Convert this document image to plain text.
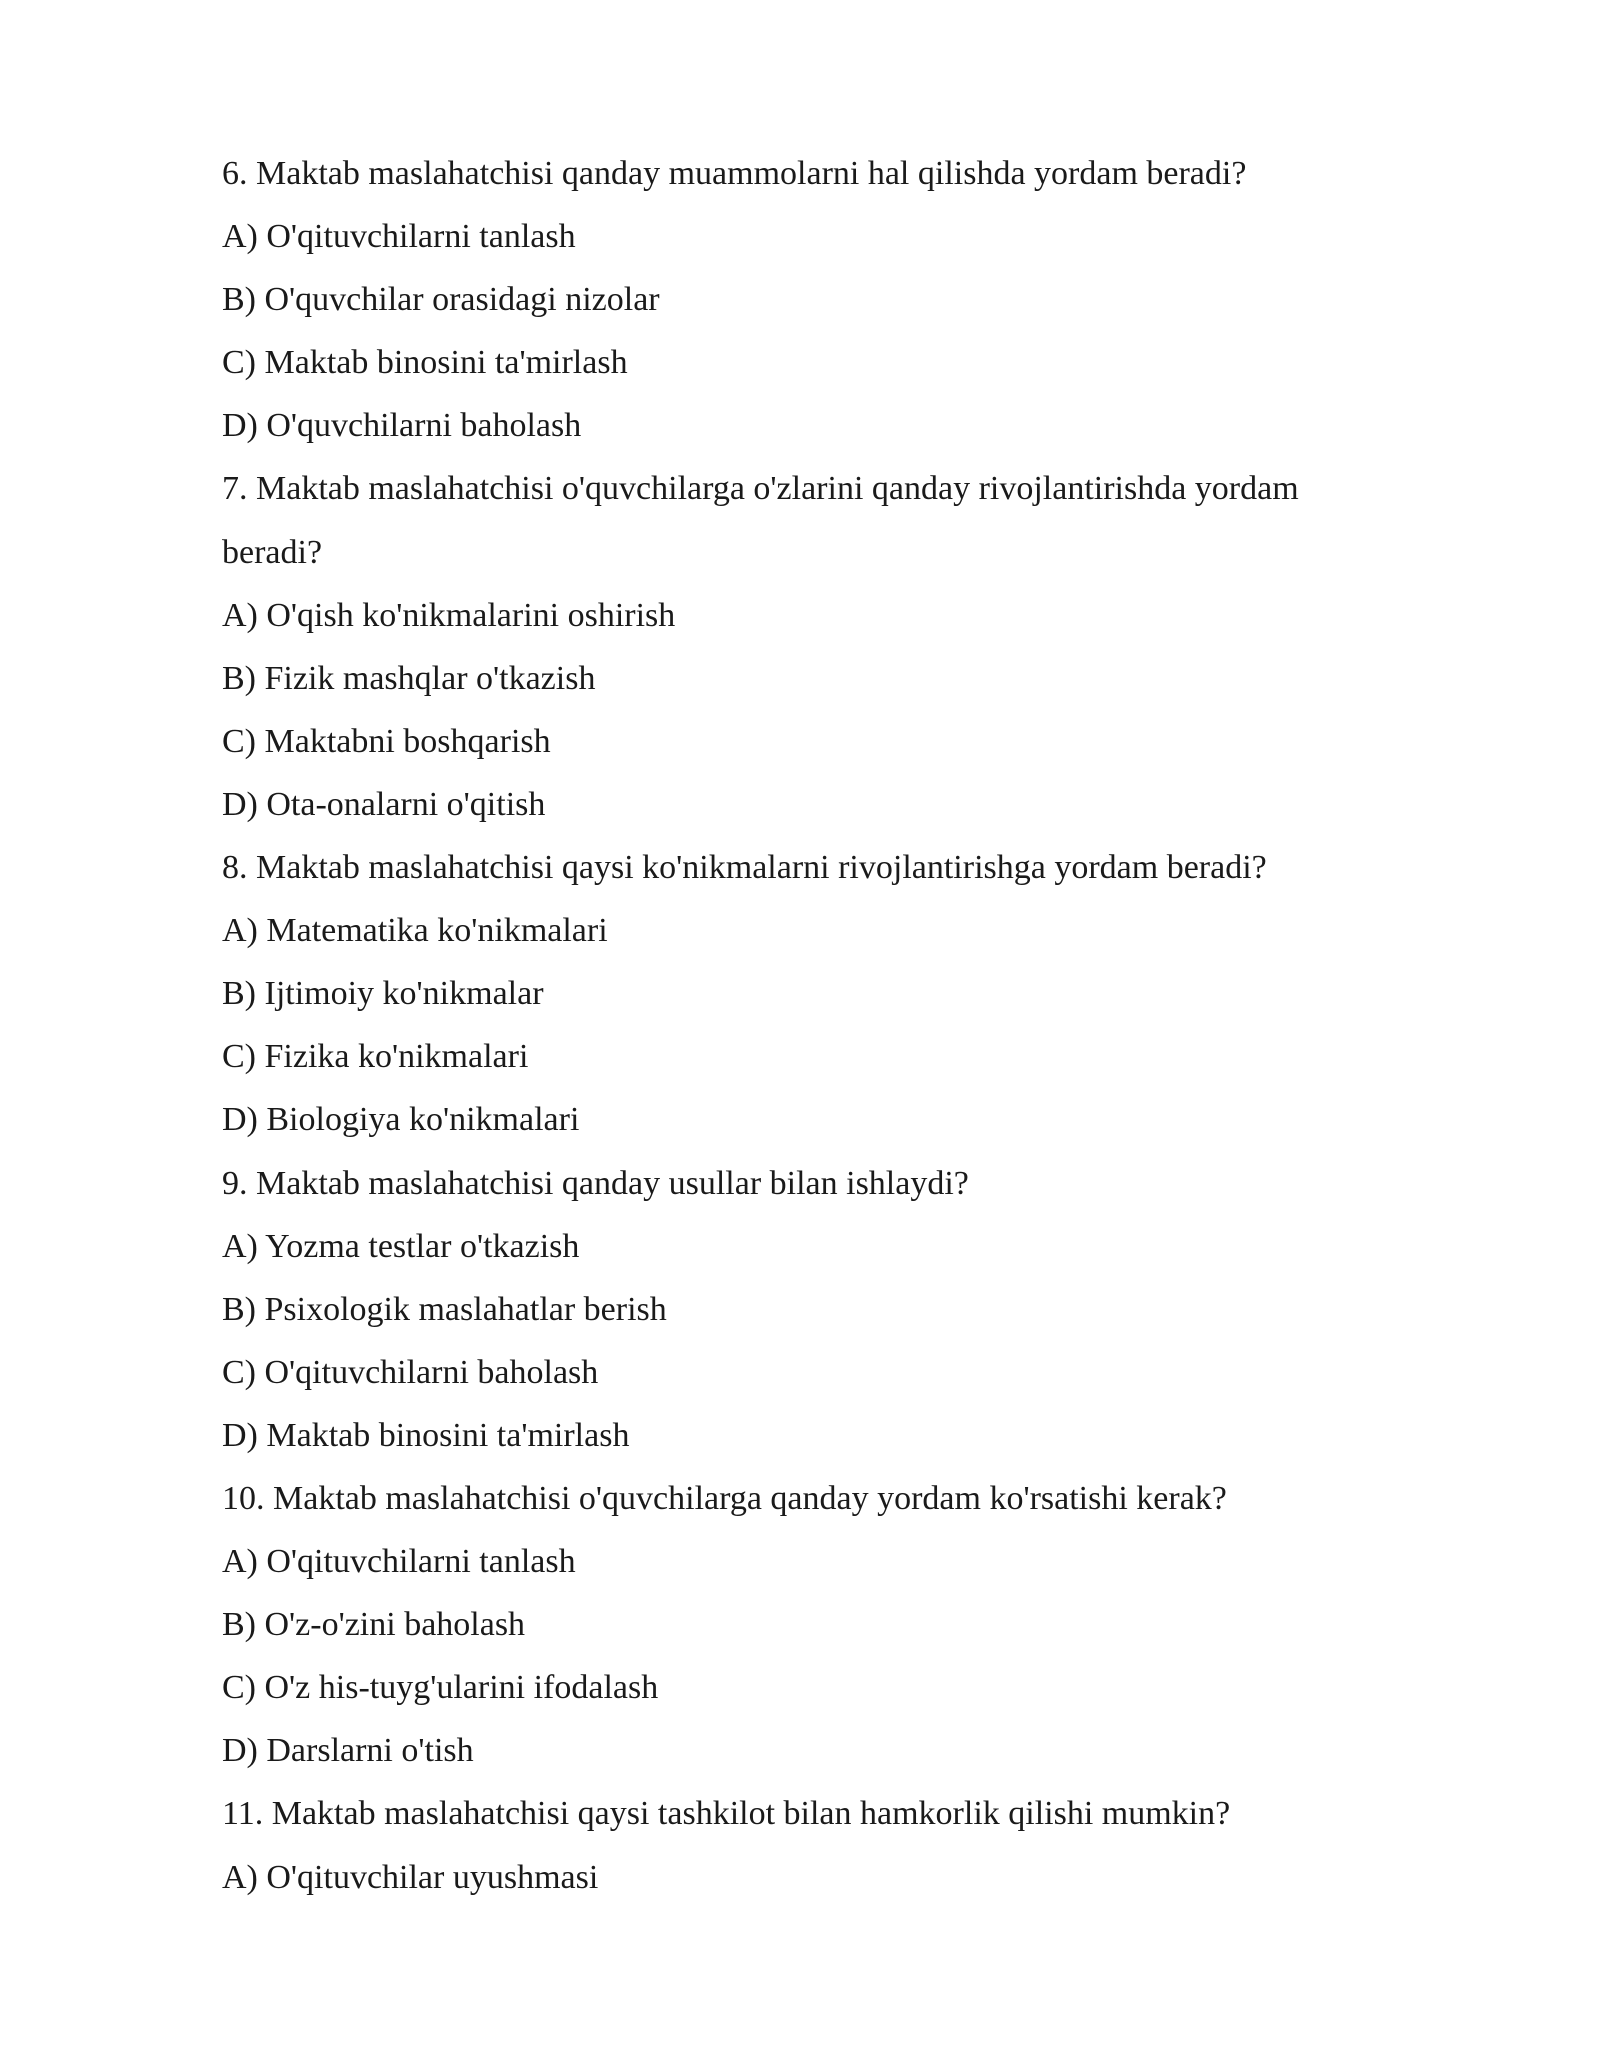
6. Maktab maslahatchisi qanday muammolarni hal qilishda yordam beradi?

A) O'qituvchilarni tanlash

B) O'quvchilar orasidagi nizolar

C) Maktab binosini ta'mirlash

D) O'quvchilarni baholash

7. Maktab maslahatchisi o'quvchilarga o'zlarini qanday rivojlantirishda yordam

beradi?

A) O'qish ko'nikmalarini oshirish

B) Fizik mashqlar o'tkazish

C) Maktabni boshqarish

D) Ota-onalarni o'qitish

8. Maktab maslahatchisi qaysi ko'nikmalarni rivojlantirishga yordam beradi?

A) Matematika ko'nikmalari

B) Ijtimoiy ko'nikmalar

C) Fizika ko'nikmalari

D) Biologiya ko'nikmalari

9. Maktab maslahatchisi qanday usullar bilan ishlaydi?

A) Yozma testlar o'tkazish

B) Psixologik maslahatlar berish

C) O'qituvchilarni baholash

D) Maktab binosini ta'mirlash

10. Maktab maslahatchisi o'quvchilarga qanday yordam ko'rsatishi kerak?

A) O'qituvchilarni tanlash

B) O'z-o'zini baholash

C) O'z his-tuyg'ularini ifodalash

D) Darslarni o'tish

11. Maktab maslahatchisi qaysi tashkilot bilan hamkorlik qilishi mumkin?

A) O'qituvchilar uyushmasi
